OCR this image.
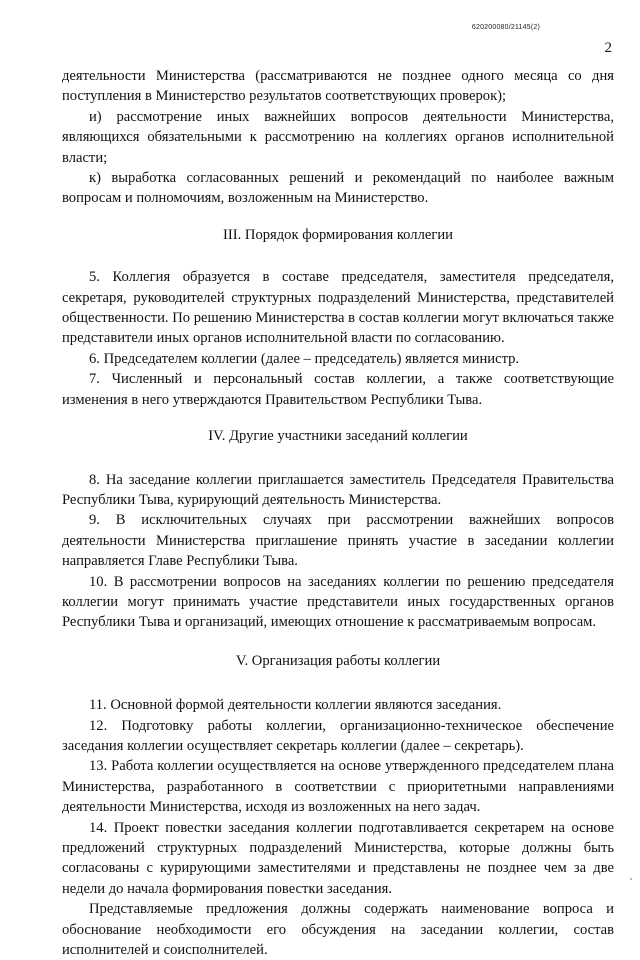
620200080/21145(2)
2

деятельности Министерства (рассматриваются не позднее одного месяца со дня поступления в Министерство результатов соответствующих проверок);

и) рассмотрение иных важнейших вопросов деятельности Министерства, являющихся обязательными к рассмотрению на коллегиях органов исполнительной власти;

к) выработка согласованных решений и рекомендаций по наиболее важным вопросам и полномочиям, возложенным на Министерство.

III. Порядок формирования коллегии

5. Коллегия образуется в составе председателя, заместителя председателя, секретаря, руководителей структурных подразделений Министерства, представителей общественности. По решению Министерства в состав коллегии могут включаться также представители иных органов исполнительной власти по согласованию.

6. Председателем коллегии (далее – председатель) является министр.

7. Численный и персональный состав коллегии, а также соответствующие изменения в него утверждаются Правительством Республики Тыва.

IV. Другие участники заседаний коллегии

8. На заседание коллегии приглашается заместитель Председателя Правительства Республики Тыва, курирующий деятельность Министерства.

9. В исключительных случаях при рассмотрении важнейших вопросов деятельности Министерства приглашение принять участие в заседании коллегии направляется Главе Республики Тыва.

10. В рассмотрении вопросов на заседаниях коллегии по решению председателя коллегии могут принимать участие представители иных государственных органов Республики Тыва и организаций, имеющих отношение к рассматриваемым вопросам.

V. Организация работы коллегии

11. Основной формой деятельности коллегии являются заседания.

12. Подготовку работы коллегии, организационно-техническое обеспечение заседания коллегии осуществляет секретарь коллегии (далее – секретарь).

13. Работа коллегии осуществляется на основе утвержденного председателем плана Министерства, разработанного в соответствии с приоритетными направлениями деятельности Министерства, исходя из возложенных на него задач.

14. Проект повестки заседания коллегии подготавливается секретарем на основе предложений структурных подразделений Министерства, которые должны быть согласованы с курирующими заместителями и представлены не позднее чем за две недели до начала формирования повестки заседания.

Представляемые предложения должны содержать наименование вопроса и обоснование необходимости его обсуждения на заседании коллегии, состав исполнителей и соисполнителей.
